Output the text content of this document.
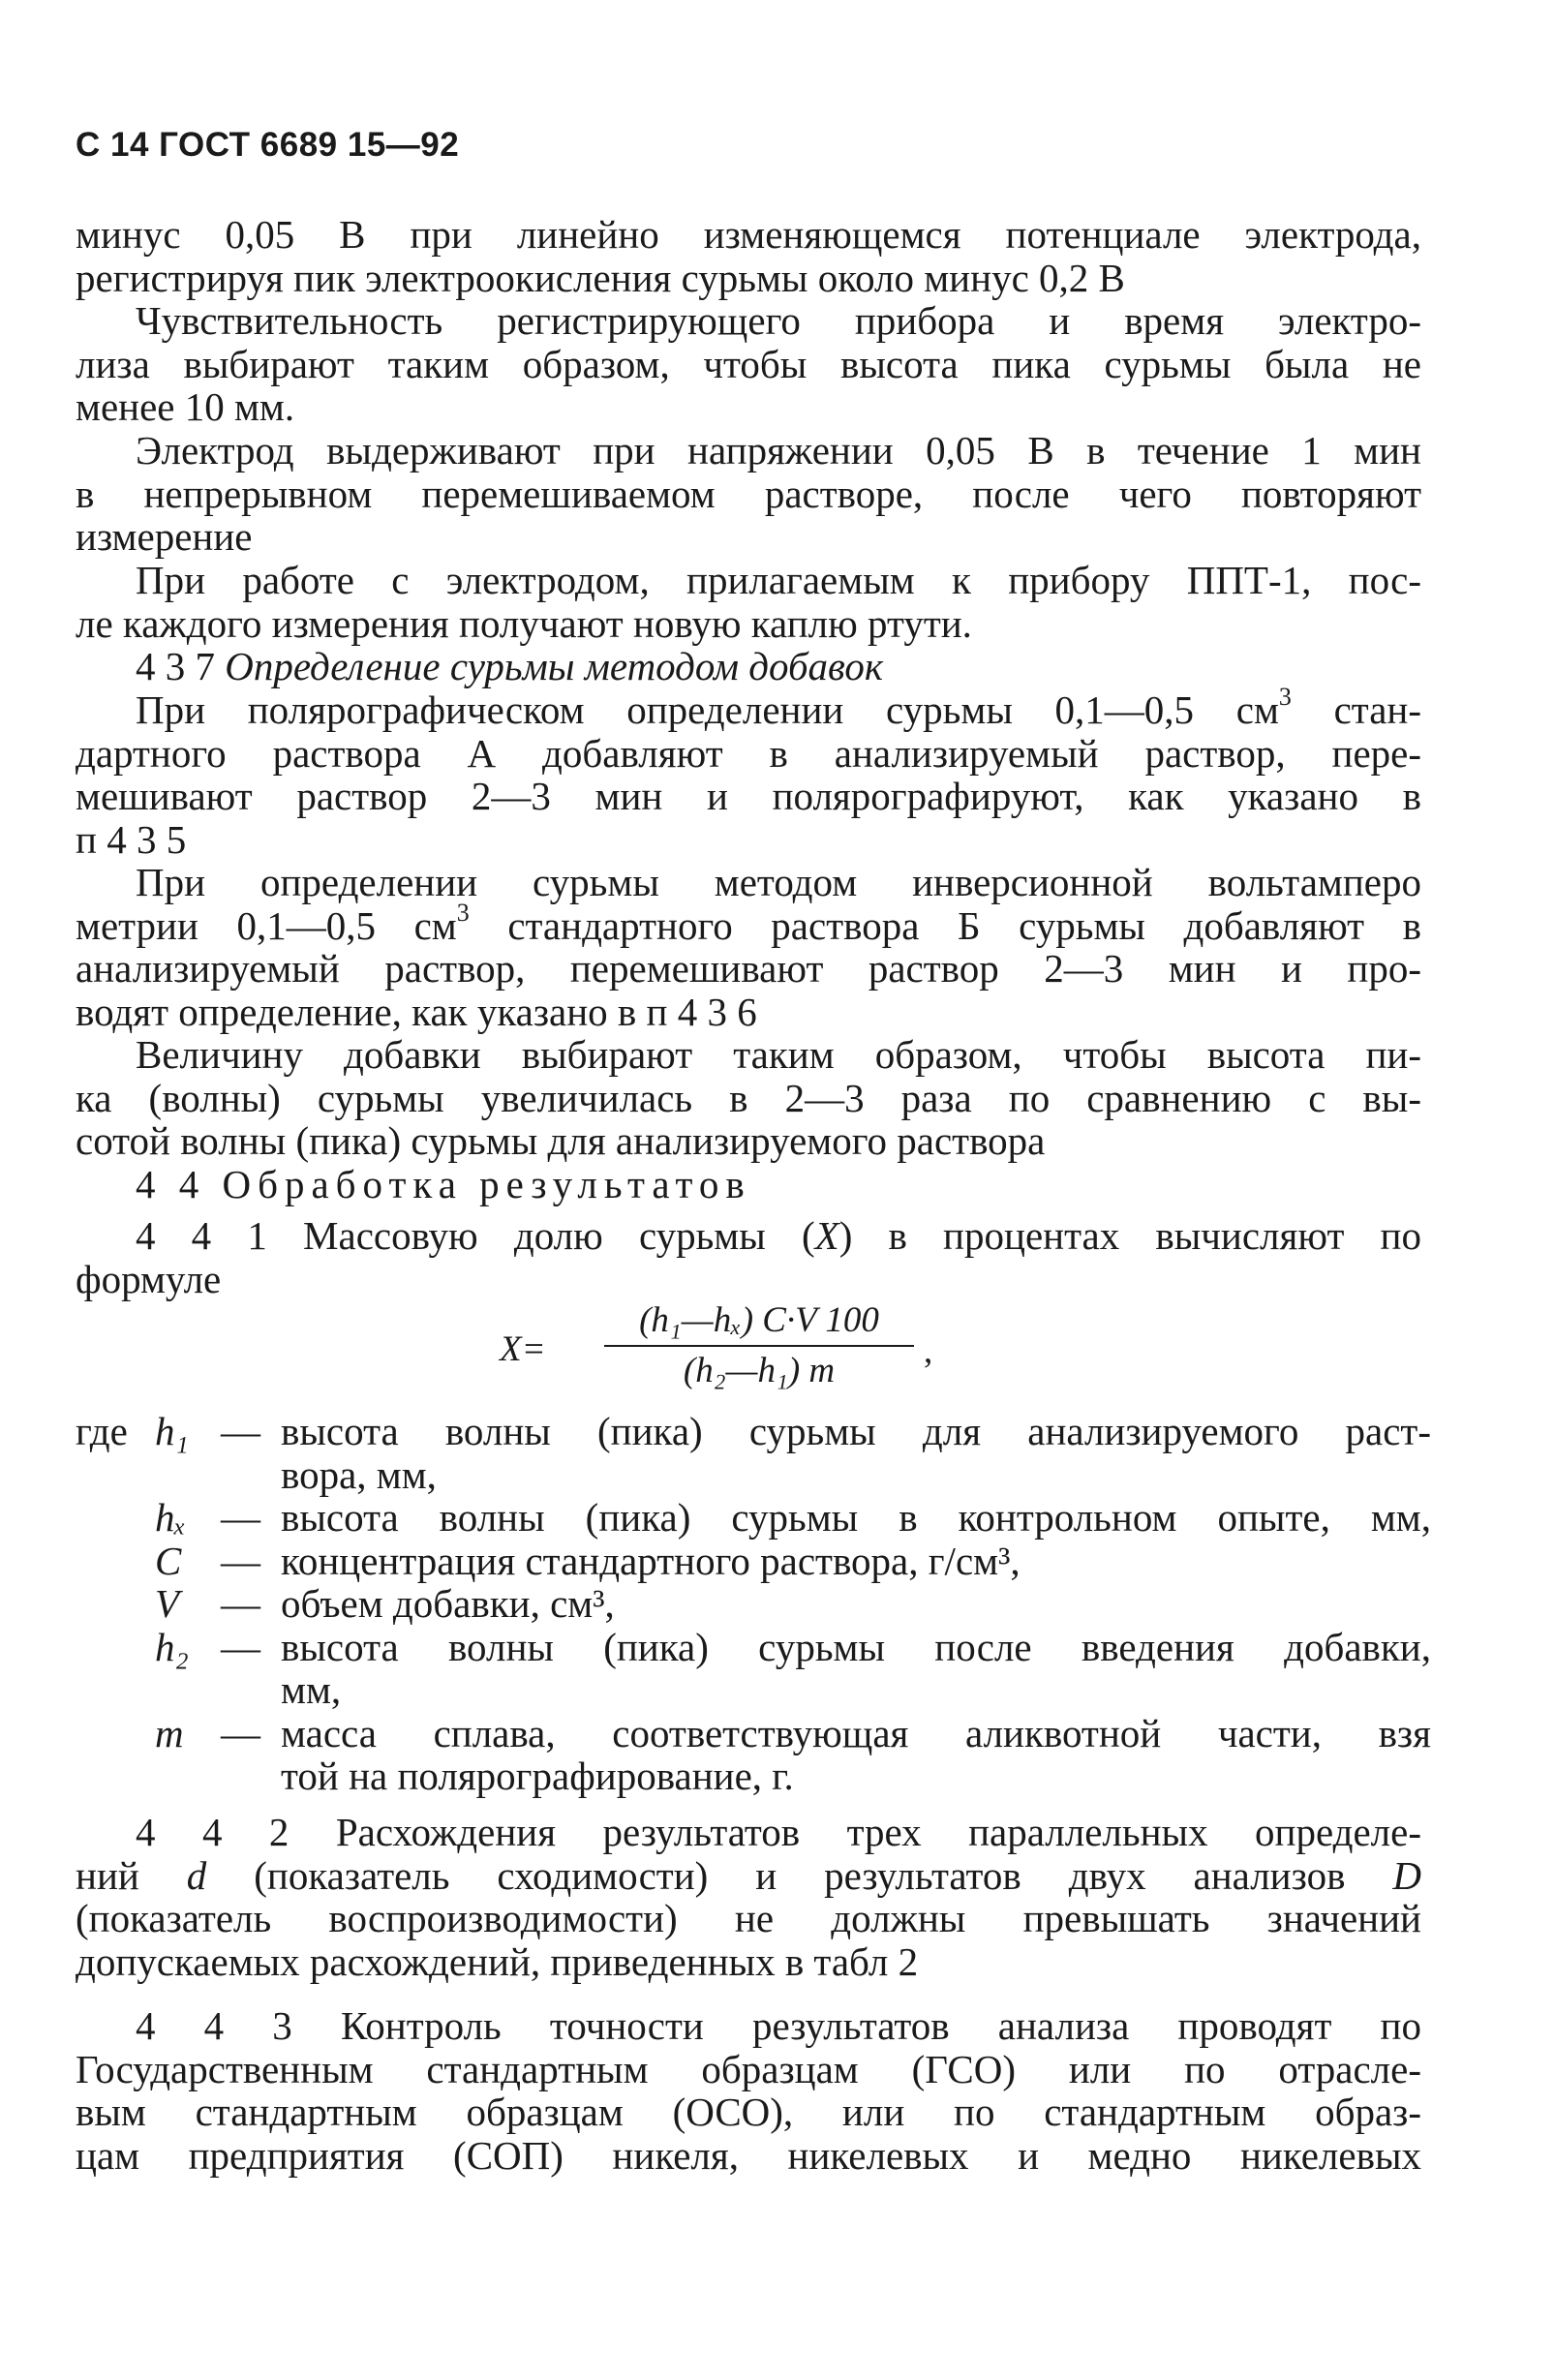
С 14 ГОСТ 6689 15—92
минус 0,05 В при линейно изменяющемся потенциале электрода,
регистрируя пик электроокисления сурьмы около минус 0,2 В
Чувствительность регистрирующего прибора и время электро-
лиза выбирают таким образом, чтобы высота пика сурьмы была не
менее 10 мм.
Электрод выдерживают при напряжении 0,05 В в течение 1 мин
в непрерывном перемешиваемом растворе, после чего повторяют
измерение
При работе с электродом, прилагаемым к прибору ППТ-1, пос-
ле каждого измерения получают новую каплю ртути.
4 3 7 Определение сурьмы методом добавок
При полярографическом определении сурьмы 0,1—0,5 $см^3$ стан-
дартного раствора А добавляют в анализируемый раствор, пере-
мешивают раствор 2—3 мин и полярографируют, как указано в
п 4 3 5
При определении сурьмы методом инверсионной вольтамперо
метрии 0,1—0,5 $см^3$ стандартного раствора Б сурьмы добавляют в
анализируемый раствор, перемешивают раствор 2—3 мин и про-
водят определение, как указано в п 4 3 6
Величину добавки выбирают таким образом, чтобы высота пи-
ка (волны) сурьмы увеличилась в 2—3 раза по сравнению с вы-
сотой волны (пика) сурьмы для анализируемого раствора
4 4 Обработка результатов
4 4 1 Массовую долю сурьмы (X) в процентах вычисляют по
формуле
X=
(h₁—hₓ) C·V 100
(h₂—h₁) m	,
где h₁ — высота волны (пика) сурьмы для анализируемого раст-
вора, мм,
hₓ — высота волны (пика) сурьмы в контрольном опыте, мм,
C — концентрация стандартного раствора, г/см³,
V — объем добавки, см³,
h₂ — высота волны (пика) сурьмы после введения добавки,
мм,
m — масса сплава, соответствующая аликвотной части, взя
той на полярографирование, г.
4 4 2 Расхождения результатов трех параллельных определе-
ний d (показатель сходимости) и результатов двух анализов D
(показатель воспроизводимости) не должны превышать значений
допускаемых расхождений, приведенных в табл 2
4 4 3 Контроль точности результатов анализа проводят по
Государственным стандартным образцам (ГСО) или по отрасле-
вым стандартным образцам (ОСО), или по стандартным образ-
цам предприятия (СОП) никеля, никелевых и медно никелевых
